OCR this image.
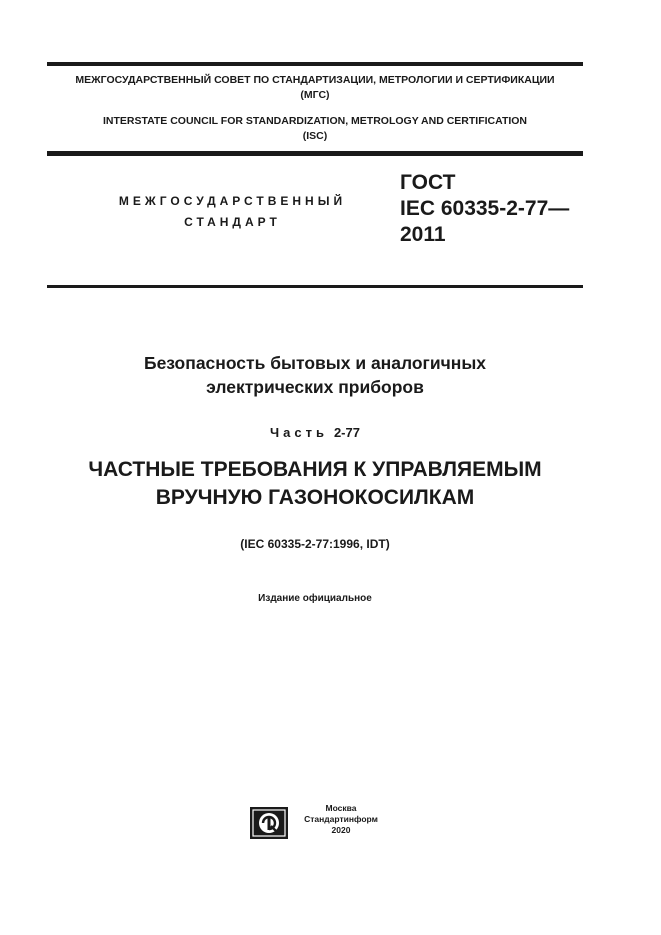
МЕЖГОСУДАРСТВЕННЫЙ СОВЕТ ПО СТАНДАРТИЗАЦИИ, МЕТРОЛОГИИ И СЕРТИФИКАЦИИ
(МГС)
INTERSTATE COUNCIL FOR STANDARDIZATION, METROLOGY AND CERTIFICATION
(ISC)
МЕЖГОСУДАРСТВЕННЫЙ
СТАНДАРТ
ГОСТ
IEC 60335-2-77—
2011
Безопасность бытовых и аналогичных
электрических приборов
Часть 2-77
ЧАСТНЫЕ ТРЕБОВАНИЯ К УПРАВЛЯЕМЫМ
ВРУЧНУЮ ГАЗОНОКОСИЛКАМ
(IEC 60335-2-77:1996, IDT)
Издание официальное
Москва
Стандартинформ
2020
